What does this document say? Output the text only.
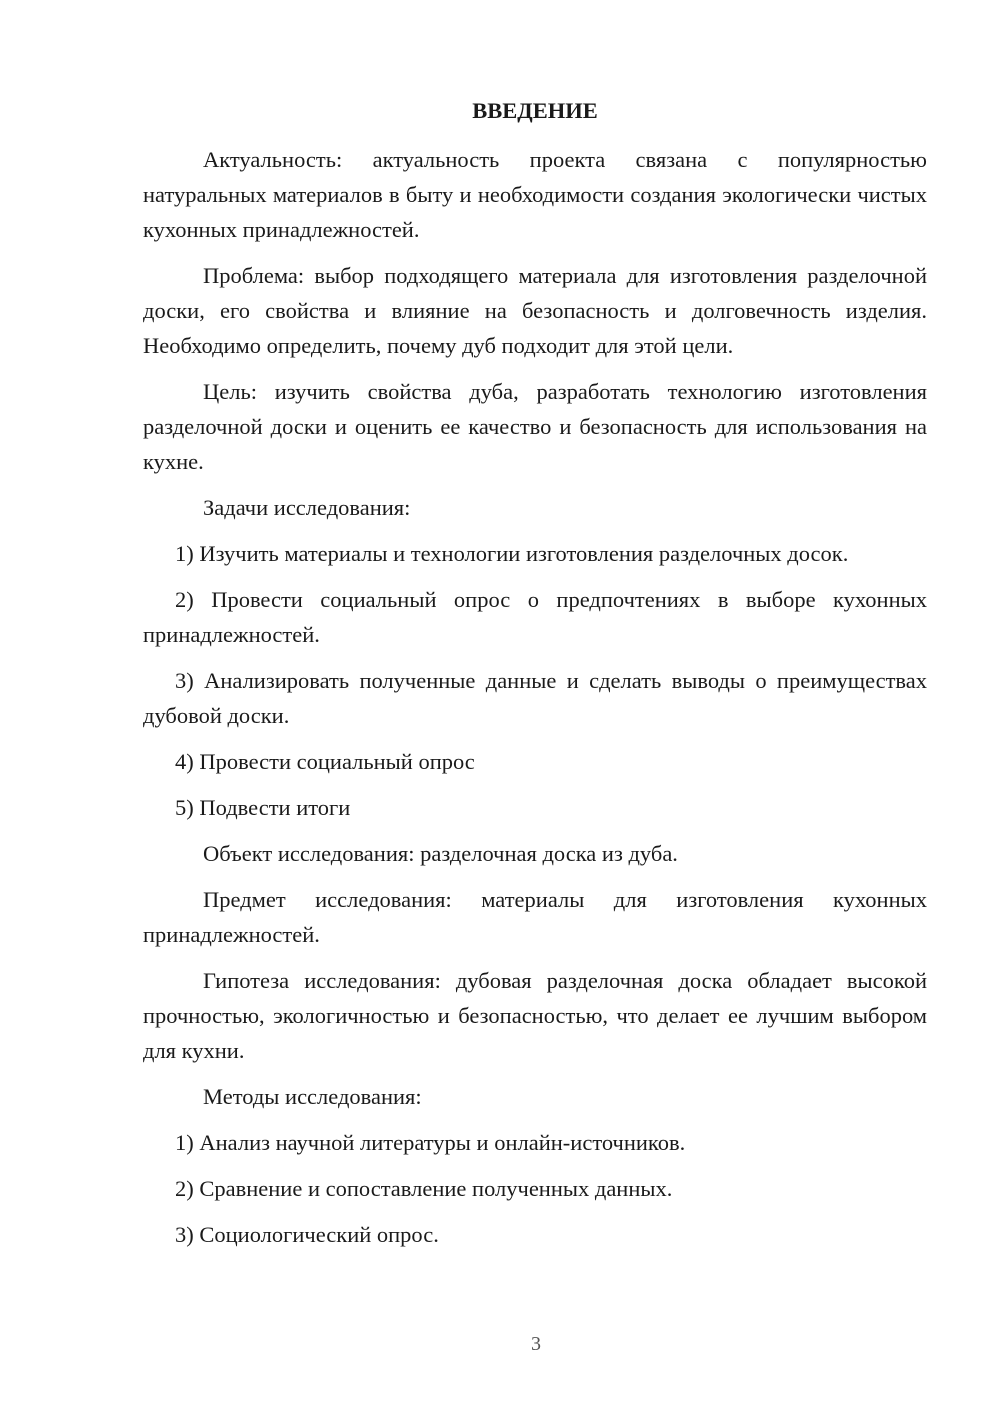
ВВЕДЕНИЕ

Актуальность: актуальность проекта связана с популярностью натуральных материалов в быту и необходимости создания экологически чистых кухонных принадлежностей.

Проблема: выбор подходящего материала для изготовления разделочной доски, его свойства и влияние на безопасность и долговечность изделия. Необходимо определить, почему дуб подходит для этой цели.

Цель: изучить свойства дуба, разработать технологию изготовления разделочной доски и оценить ее качество и безопасность для использования на кухне.

Задачи исследования:

1) Изучить материалы и технологии изготовления разделочных досок.

2) Провести социальный опрос о предпочтениях в выборе кухонных принадлежностей.

3) Анализировать полученные данные и сделать выводы о преимуществах дубовой доски.

4) Провести социальный опрос

5) Подвести итоги

Объект исследования: разделочная доска из дуба.

Предмет исследования: материалы для изготовления кухонных принадлежностей.

Гипотеза исследования: дубовая разделочная доска обладает высокой прочностью, экологичностью и безопасностью, что делает ее лучшим выбором для кухни.

Методы исследования:

1) Анализ научной литературы и онлайн-источников.

2) Сравнение и сопоставление полученных данных.

3) Социологический опрос.

3
